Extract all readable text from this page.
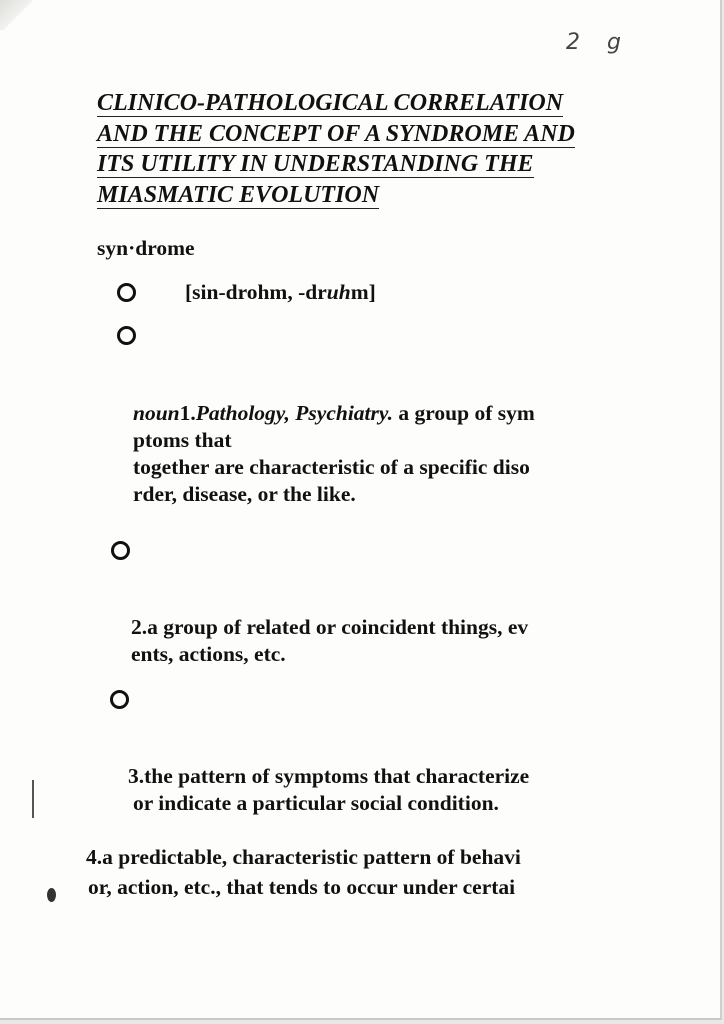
2 g
CLINICO-PATHOLOGICAL CORRELATION
AND THE CONCEPT OF A SYNDROME AND
ITS UTILITY IN UNDERSTANDING THE
MIASMATIC EVOLUTION
syn·drome
[sin-drohm, -druhm]
noun1.Pathology, Psychiatry. a group of sym
ptoms that
together are characteristic of a specific diso
rder, disease, or the like.
2.a group of related or coincident things, ev
ents, actions, etc.
3.the pattern of symptoms that characterize
or indicate a particular social condition.
4.a predictable, characteristic pattern of behavi
or, action, etc., that tends to occur under certai
